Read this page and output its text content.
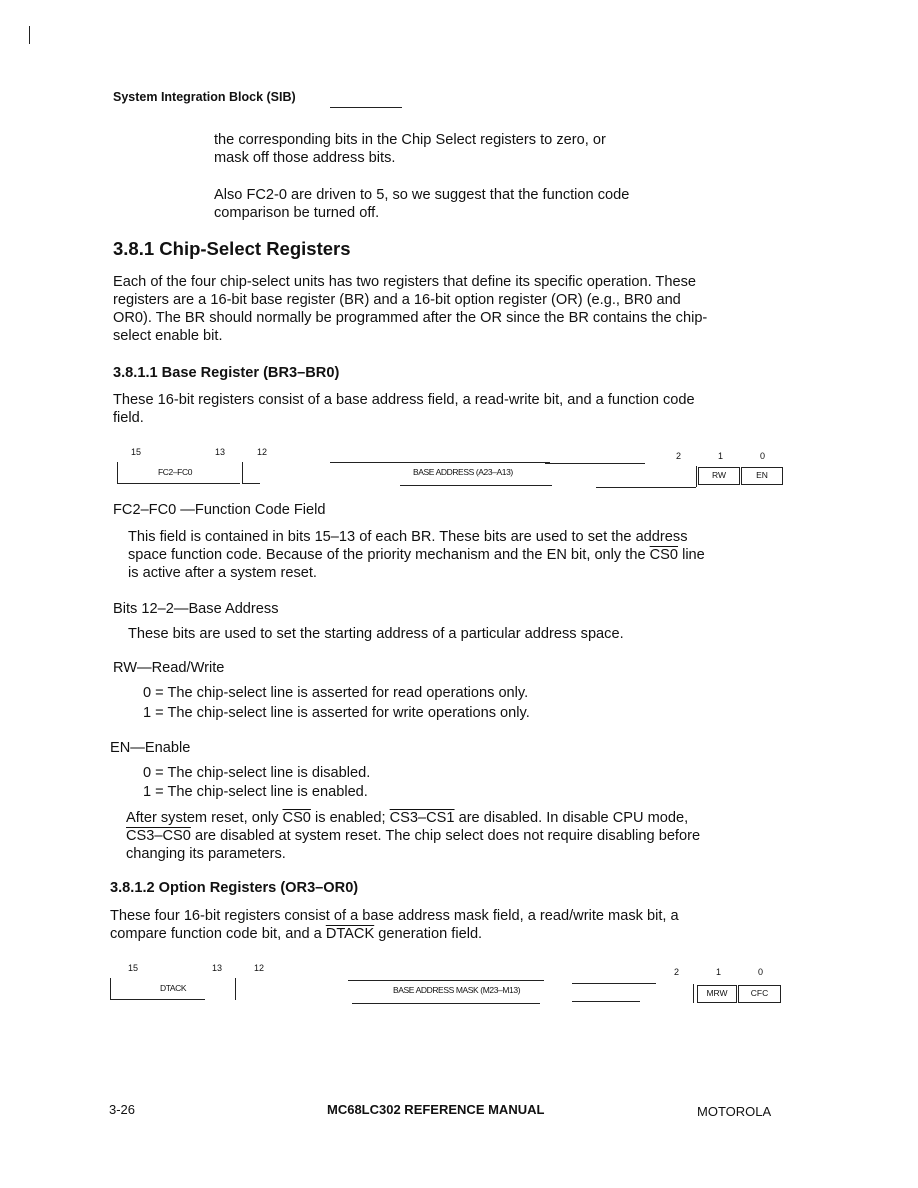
System Integration Block (SIB)
the corresponding bits in the Chip Select registers to zero, or
mask off those address bits.
Also FC2-0 are driven to 5, so we suggest that the function code
comparison be turned off.
3.8.1 Chip-Select Registers
Each of the four chip-select units has two registers that define its specific operation. These
registers are a 16-bit base register (BR) and a 16-bit option register (OR) (e.g., BR0 and
OR0). The BR should normally be programmed after the OR since the BR contains the chip-
select enable bit.
3.8.1.1 Base Register (BR3–BR0)
These 16-bit registers consist of a base address field, a read-write bit, and a function code
field.
15	13	12	2	1	0
FC2–FC0	BASE ADDRESS (A23–A13)	RW	EN
FC2–FC0 —Function Code Field
This field is contained in bits 15–13 of each BR. These bits are used to set the address
space function code. Because of the priority mechanism and the EN bit, only the CS0 line
is active after a system reset.
Bits 12–2—Base Address
These bits are used to set the starting address of a particular address space.
RW—Read/Write
0 = The chip-select line is asserted for read operations only.
1 = The chip-select line is asserted for write operations only.
EN—Enable
0 = The chip-select line is disabled.
1 = The chip-select line is enabled.
After system reset, only CS0 is enabled; CS3–CS1 are disabled. In disable CPU mode,
CS3–CS0 are disabled at system reset. The chip select does not require disabling before
changing its parameters.
3.8.1.2 Option Registers (OR3–OR0)
These four 16-bit registers consist of a base address mask field, a read/write mask bit, a
compare function code bit, and a DTACK generation field.
15	13	12	2	1	0
DTACK	BASE ADDRESS MASK (M23–M13)	MRW	CFC
3-26	MC68LC302 REFERENCE MANUAL	MOTOROLA
